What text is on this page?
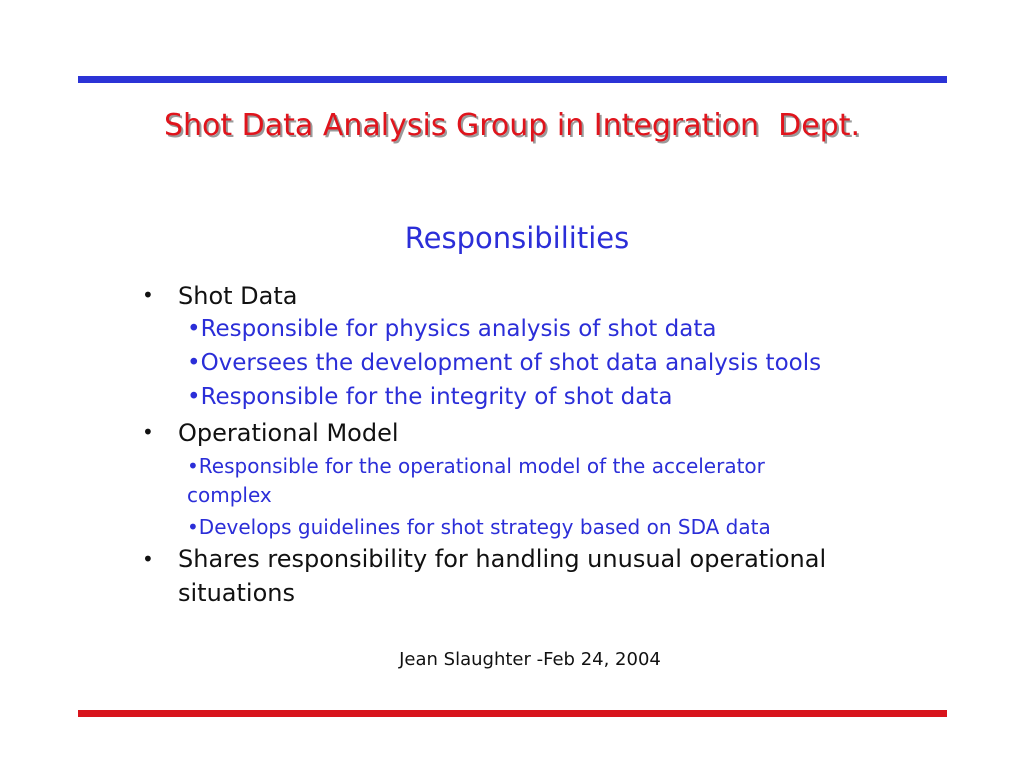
Shot Data Analysis Group in Integration  Dept.
Responsibilities
• Shot Data
•Responsible for physics analysis of shot data
•Oversees the development of shot data analysis tools
•Responsible for the integrity of shot data
• Operational Model
•Responsible for the operational model of the accelerator
complex
•Develops guidelines for shot strategy based on SDA data
• Shares responsibility for handling unusual operational
situations
Jean Slaughter -Feb 24, 2004
